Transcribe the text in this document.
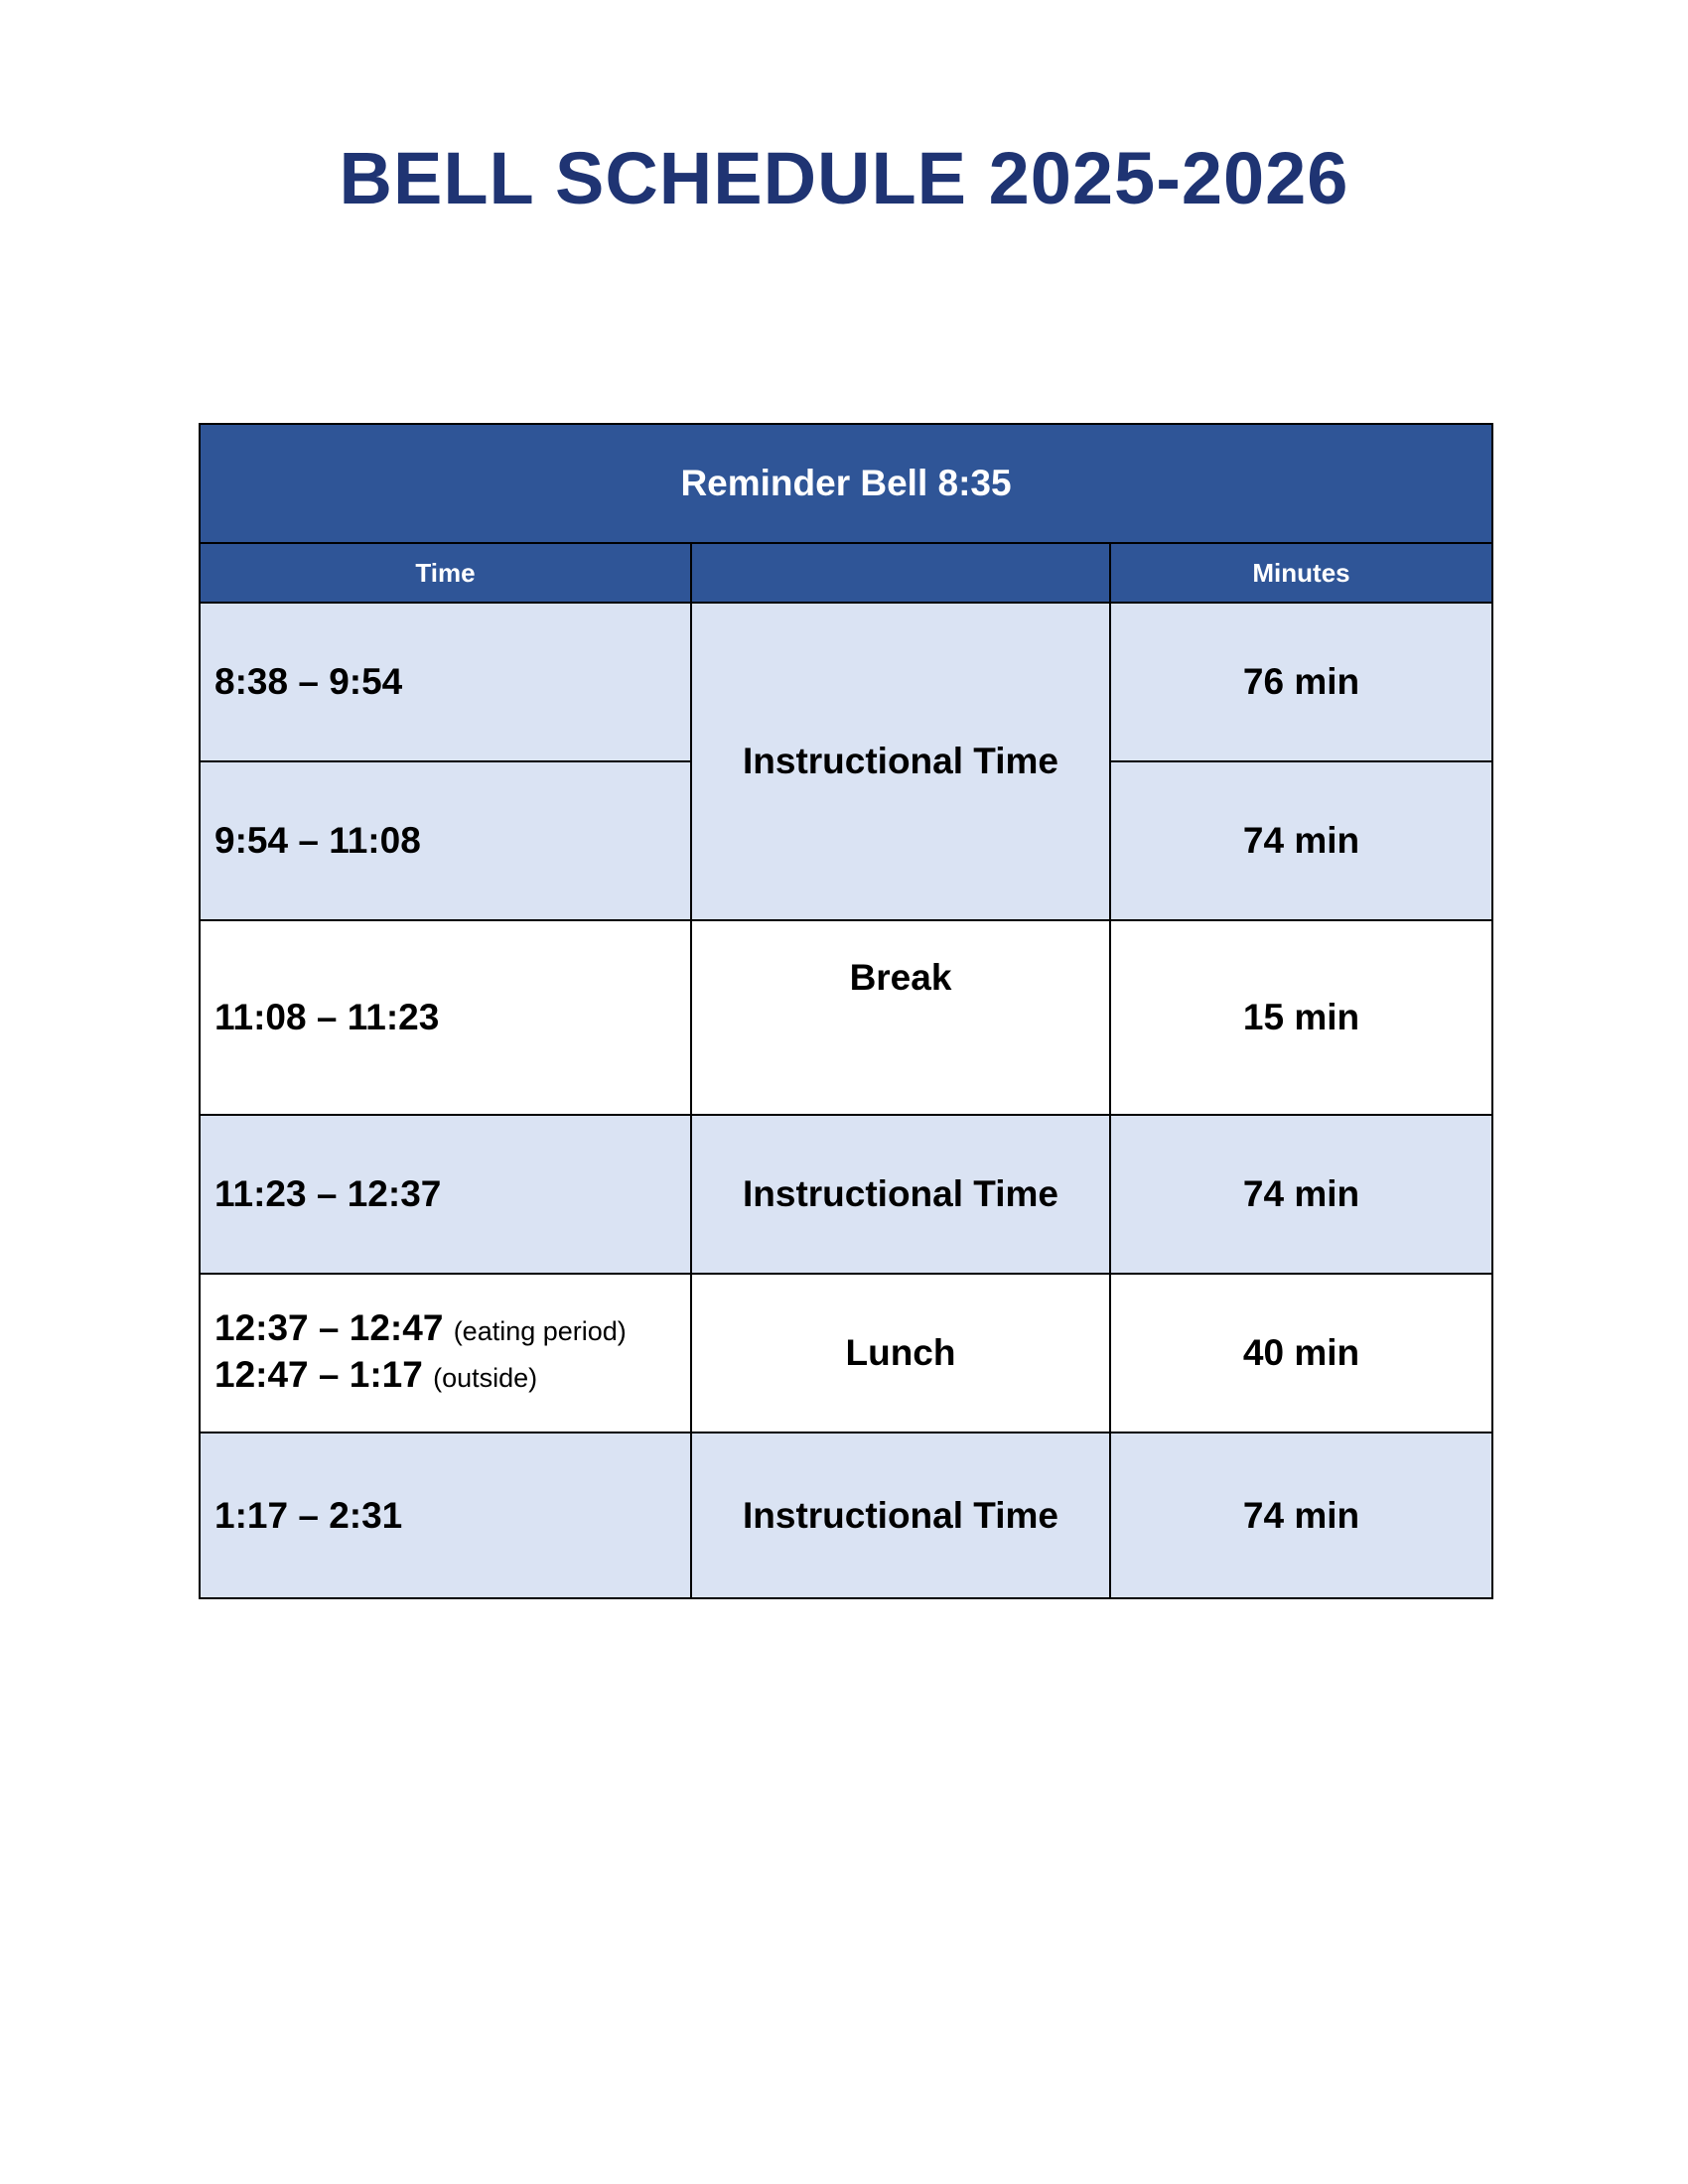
BELL SCHEDULE 2025-2026
Reminder Bell 8:35		
Time		Minutes
8:38 – 9:54	Instructional Time	76 min
9:54 – 11:08		74 min
11:08 – 11:23	Break	15 min
11:23 – 12:37	Instructional Time	74 min

12:37 – 12:47 (eating period)
12:47 – 1:17 (outside)	Lunch	40 min
1:17 – 2:31	Instructional Time	74 min
